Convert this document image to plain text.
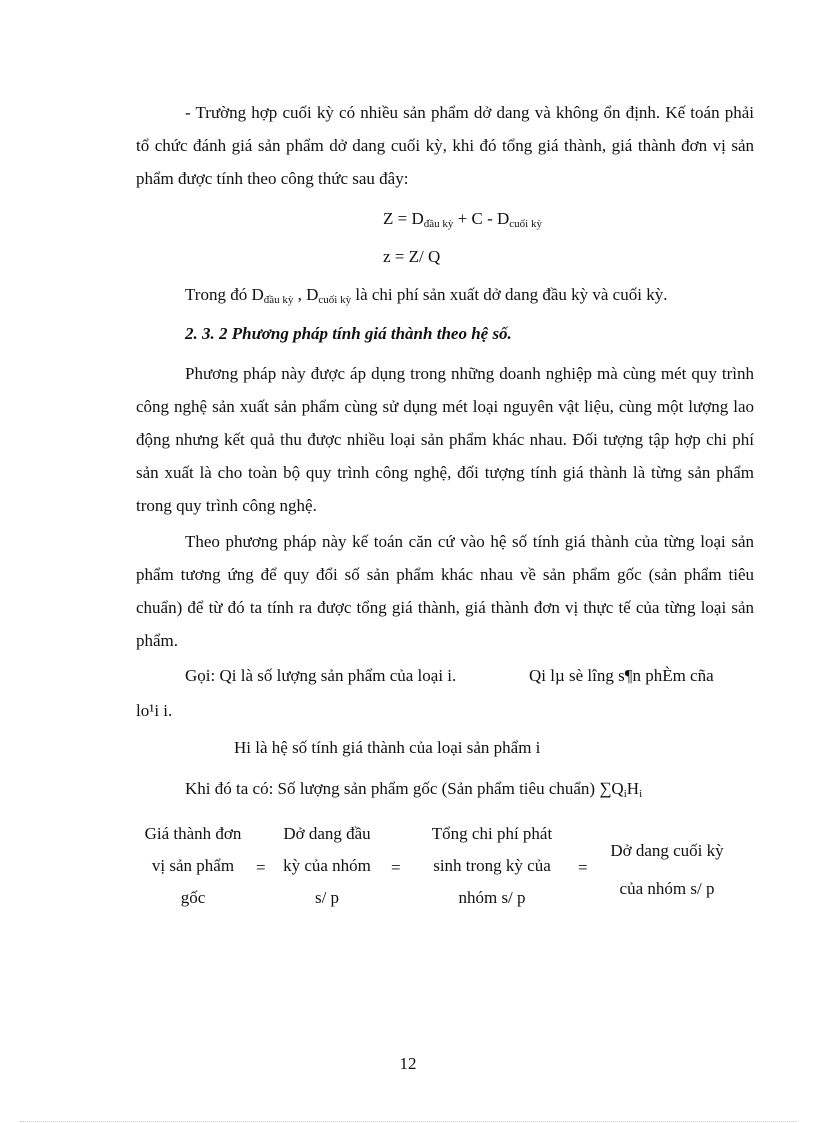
- Trường hợp cuối kỳ có nhiều sản phẩm dở dang và không ổn định. Kế toán phải tổ chức đánh giá sản phẩm dở dang cuối kỳ, khi đó tổng giá thành, giá thành đơn vị sản phẩm được tính theo công thức sau đây:
$Z = D_{đầu kỳ} + C - D_{cuối kỳ}$
z = Z/ Q
Trong đó $D_{đầu kỳ}$ , $D_{cuối kỳ}$ là chi phí sản xuất dở dang đầu kỳ và cuối kỳ.
2. 3. 2 Phương pháp tính giá thành theo hệ số.
Phương pháp này được áp dụng trong những doanh nghiệp mà cùng mét quy trình công nghệ sản xuất sản phẩm cùng sử dụng mét loại nguyên vật liệu, cùng một lượng lao động nhưng kết quả thu được nhiều loại sản phẩm khác nhau. Đối tượng tập hợp chi phí sản xuất là cho toàn bộ quy trình công nghệ, đối tượng tính giá thành là từng sản phẩm trong quy trình công nghệ.
Theo phương pháp này kế toán căn cứ vào hệ số tính giá thành của từng loại sản phẩm tương ứng để quy đổi số sản phẩm khác nhau về sản phẩm gốc (sản phẩm tiêu chuẩn) để từ đó ta tính ra được tổng giá thành, giá thành đơn vị thực tế của từng loại sản phẩm.
Gọi: Qi là số lượng sản phẩm của loại i.	Qi lµ sè lîng s¶n phÈm cña
lo¹i i.
Hi là hệ số tính giá thành của loại sản phẩm i
Khi đó ta có: Số lượng sản phẩm gốc (Sản phẩm tiêu chuẩn) $\sum Q_iH_i$
Giá thành đơn
vị sản phẩm
gốc
=
Dở dang đầu
kỳ của nhóm
s/ p
=
Tổng chi phí phát
sinh trong kỳ của
nhóm s/ p
=
Dở dang cuối kỳ
của nhóm s/ p
12
